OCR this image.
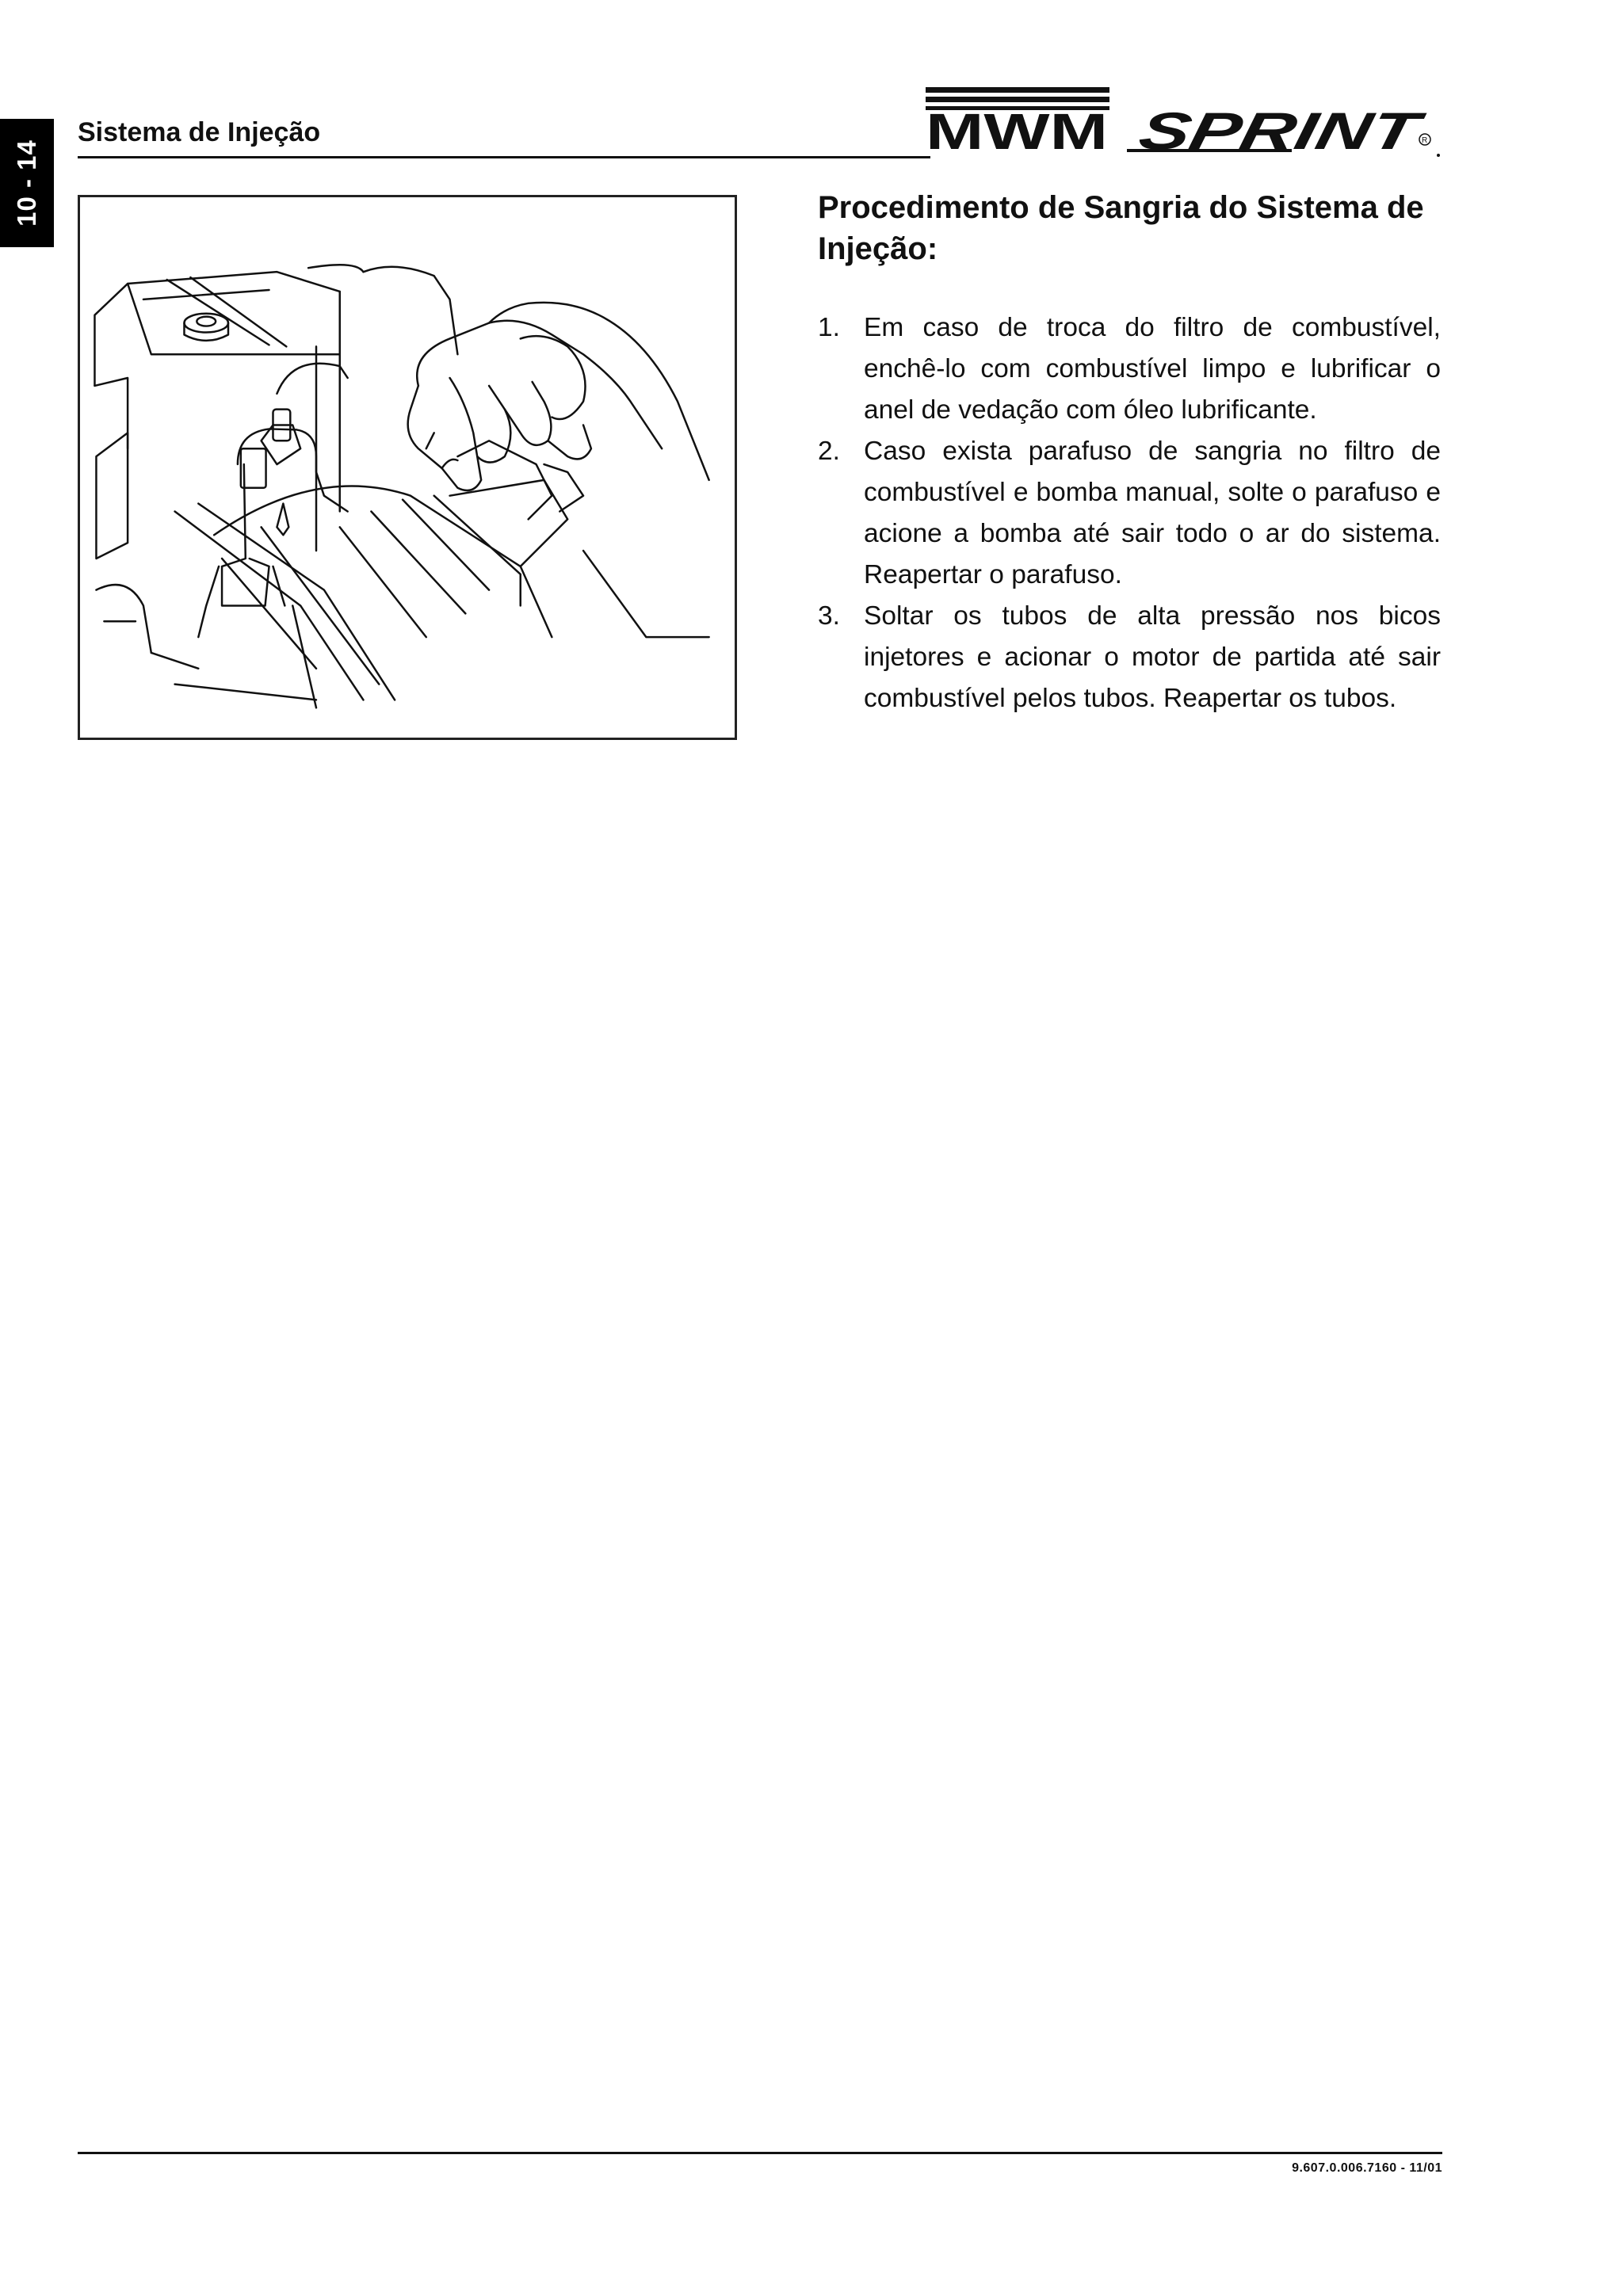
10 - 14
Sistema de Injeção	MWM SPRINT	R
Procedimento de Sangria do Sistema de Injeção:
1. Em caso de troca do filtro de combustível, enchê-lo com combustível limpo e lubrificar o anel de vedação com óleo lubrificante.
2. Caso exista parafuso de sangria no filtro de combustível e bomba manual, solte o parafuso e acione a bomba até sair todo o ar do sistema. Reapertar o parafuso.
3. Soltar os tubos de alta pressão nos bicos injetores e acionar o motor de partida até sair combustível pelos tubos. Reapertar os tubos.
9.607.0.006.7160 - 11/01
